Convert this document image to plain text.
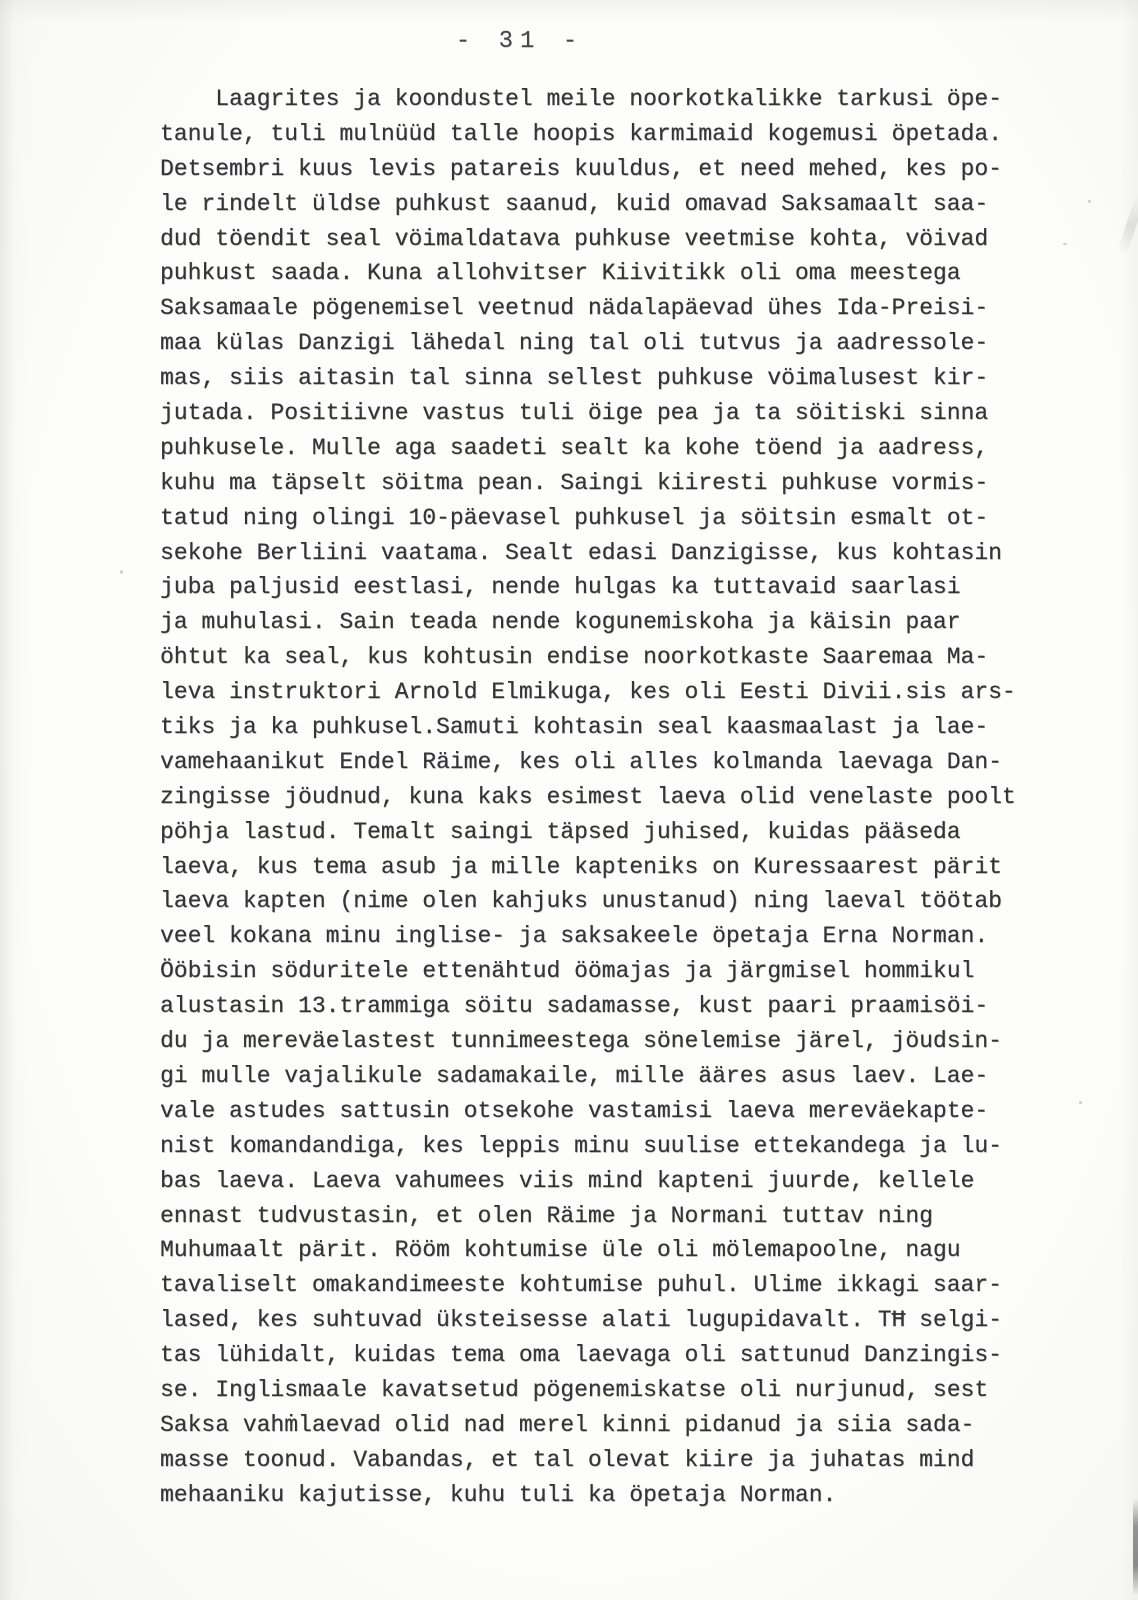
- 31 -
Laagrites ja koondustel meile noorkotkalikke tarkusi öpe-
tanule, tuli mulnüüd talle hoopis karmimaid kogemusi öpetada.
Detsembri kuus levis patareis kuuldus, et need mehed, kes po-
le rindelt üldse puhkust saanud, kuid omavad Saksamaalt saa-
dud töendit seal vöimaldatava puhkuse veetmise kohta, vöivad
puhkust saada. Kuna allohvitser Kiivitikk oli oma meestega
Saksamaale pögenemisel veetnud nädalapäevad ühes Ida-Preisi-
maa külas Danzigi lähedal ning tal oli tutvus ja aadressole-
mas, siis aitasin tal sinna sellest puhkuse vöimalusest kir-
jutada. Positiivne vastus tuli öige pea ja ta söitiski sinna
puhkusele. Mulle aga saadeti sealt ka kohe töend ja aadress,
kuhu ma täpselt söitma pean. Saingi kiiresti puhkuse vormis-
tatud ning olingi 10-päevasel puhkusel ja söitsin esmalt ot-
sekohe Berliini vaatama. Sealt edasi Danzigisse, kus kohtasin
juba paljusid eestlasi, nende hulgas ka tuttavaid saarlasi
ja muhulasi. Sain teada nende kogunemiskoha ja käisin paar
öhtut ka seal, kus kohtusin endise noorkotkaste Saaremaa Ma-
leva instruktori Arnold Elmikuga, kes oli Eesti Divii.sis ars-
tiks ja ka puhkusel.Samuti kohtasin seal kaasmaalast ja lae-
vamehaanikut Endel Räime, kes oli alles kolmanda laevaga Dan-
zingisse jöudnud, kuna kaks esimest laeva olid venelaste poolt
pöhja lastud. Temalt saingi täpsed juhised, kuidas pääseda
laeva, kus tema asub ja mille kapteniks on Kuressaarest pärit
laeva kapten (nime olen kahjuks unustanud) ning laeval töötab
veel kokana minu inglise- ja saksakeele öpetaja Erna Norman.
Ööbisin söduritele ettenähtud öömajas ja järgmisel hommikul
alustasin 13.trammiga söitu sadamasse, kust paari praamisöi-
du ja mereväelastest tunnimeestega sönelemise järel, jöudsin-
gi mulle vajalikule sadamakaile, mille ääres asus laev. Lae-
vale astudes sattusin otsekohe vastamisi laeva mereväekapte-
nist komandandiga, kes leppis minu suulise ettekandega ja lu-
bas laeva. Laeva vahumees viis mind kapteni juurde, kellele
ennast tudvustasin, et olen Räime ja Normani tuttav ning
Muhumaalt pärit. Rööm kohtumise üle oli mölemapoolne, nagu
tavaliselt omakandimeeste kohtumise puhul. Ulime ikkagi saar-
lased, kes suhtuvad üksteisesse alati lugupidavalt. TĦ selgi-
tas lühidalt, kuidas tema oma laevaga oli sattunud Danzingis-
se. Inglismaale kavatsetud pögenemiskatse oli nurjunud, sest
Saksa vahṁlaevad olid nad merel kinni pidanud ja siia sada-
masse toonud. Vabandas, et tal olevat kiire ja juhatas mind
mehaaniku kajutisse, kuhu tuli ka öpetaja Norman.
